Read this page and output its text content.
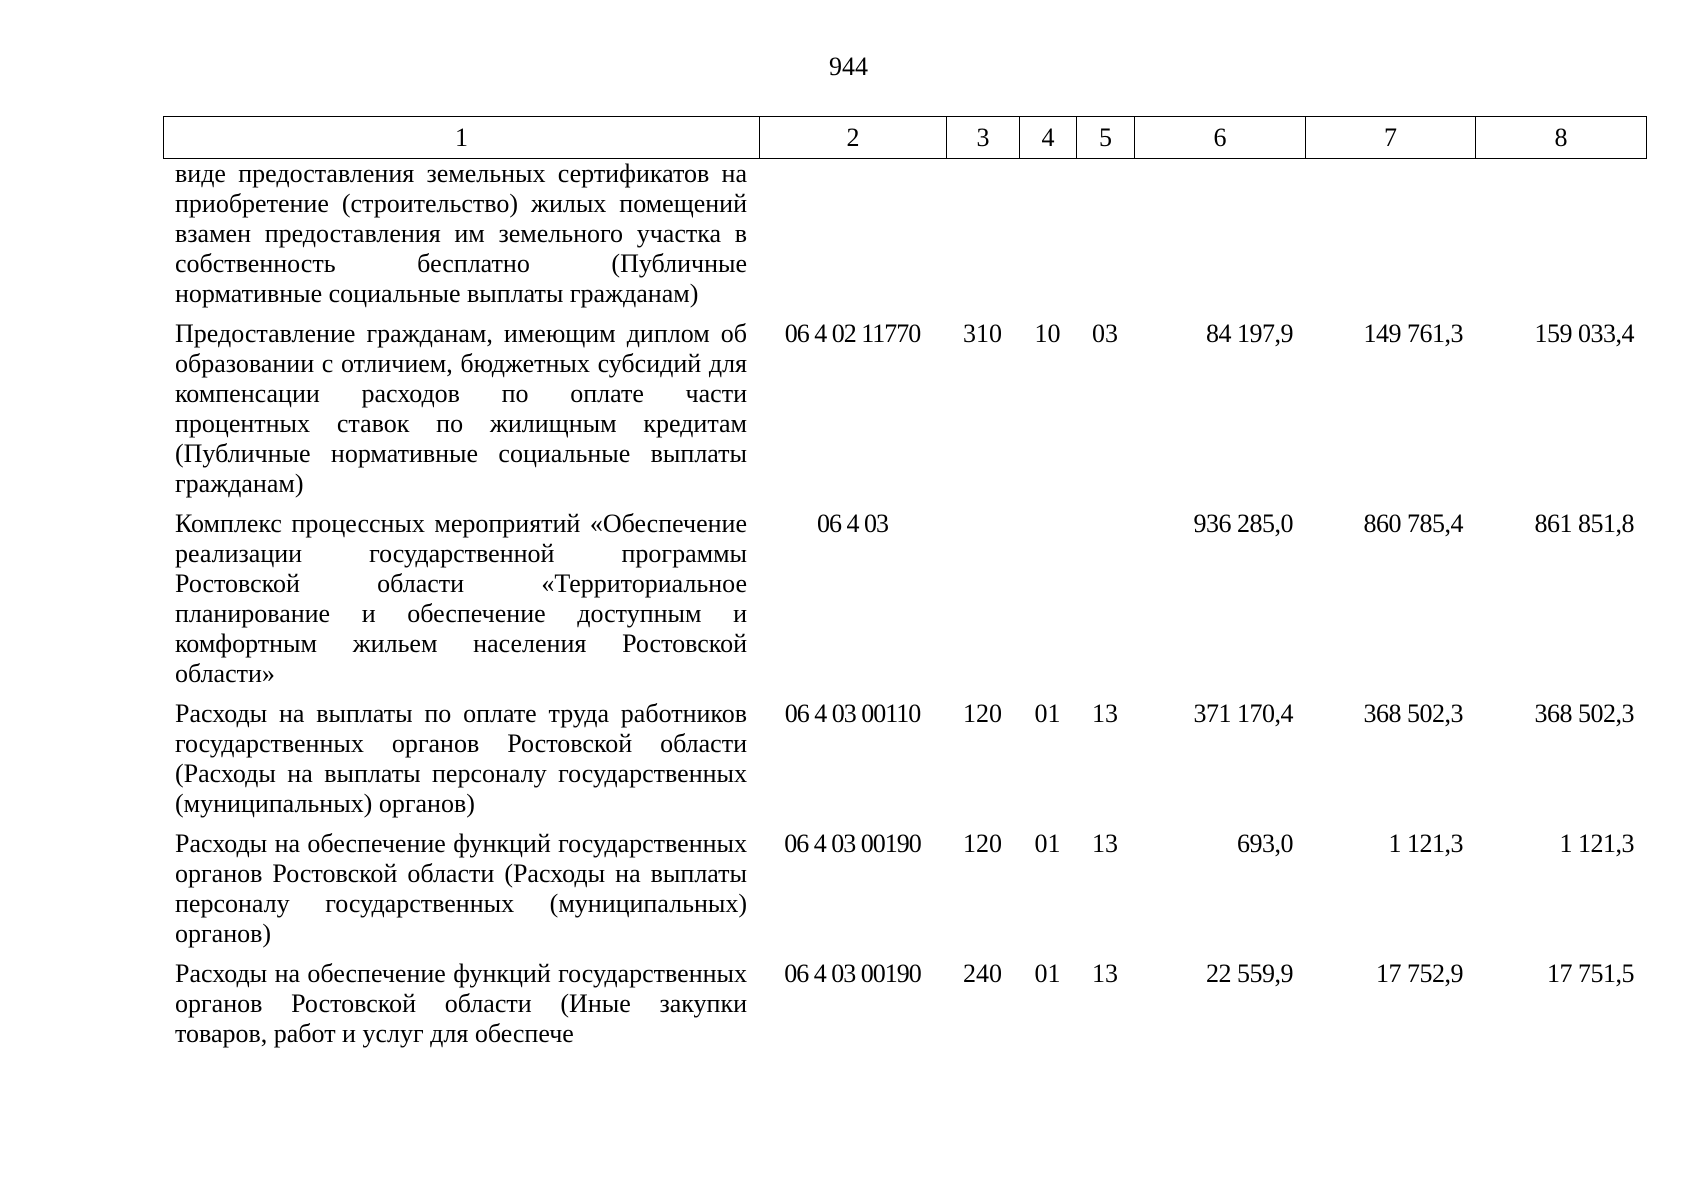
944
1	2	3	4	5	6	7	8
виде предоставления земельных сертификатов на приобретение (строительство) жилых помещений взамен предоставления им земельного участка в собственность бесплатно (Публичные нормативные социальные выплаты гражданам)							
Предоставление гражданам, имеющим диплом об образовании с отличием, бюджетных субсидий для компенсации расходов по оплате части процентных ставок по жилищным кредитам (Публичные нормативные социальные выплаты гражданам)	06 4 02 11770	310	10	03	84 197,9	149 761,3	159 033,4
Комплекс процессных мероприятий «Обеспечение реализации государственной программы Ростовской области «Территориальное планирование и обеспечение доступным и комфортным жильем населения Ростовской области»	06 4 03				936 285,0	860 785,4	861 851,8
Расходы на выплаты по оплате труда работников государственных органов Ростовской области (Расходы на выплаты персоналу государственных (муниципальных) органов)	06 4 03 00110	120	01	13	371 170,4	368 502,3	368 502,3
Расходы на обеспечение функций государственных органов Ростовской области (Расходы на выплаты персоналу государственных (муниципальных) органов)	06 4 03 00190	120	01	13	693,0	1 121,3	1 121,3
Расходы на обеспечение функций государственных органов Ростовской области (Иные закупки товаров, работ и услуг для обеспече	06 4 03 00190	240	01	13	22 559,9	17 752,9	17 751,5
